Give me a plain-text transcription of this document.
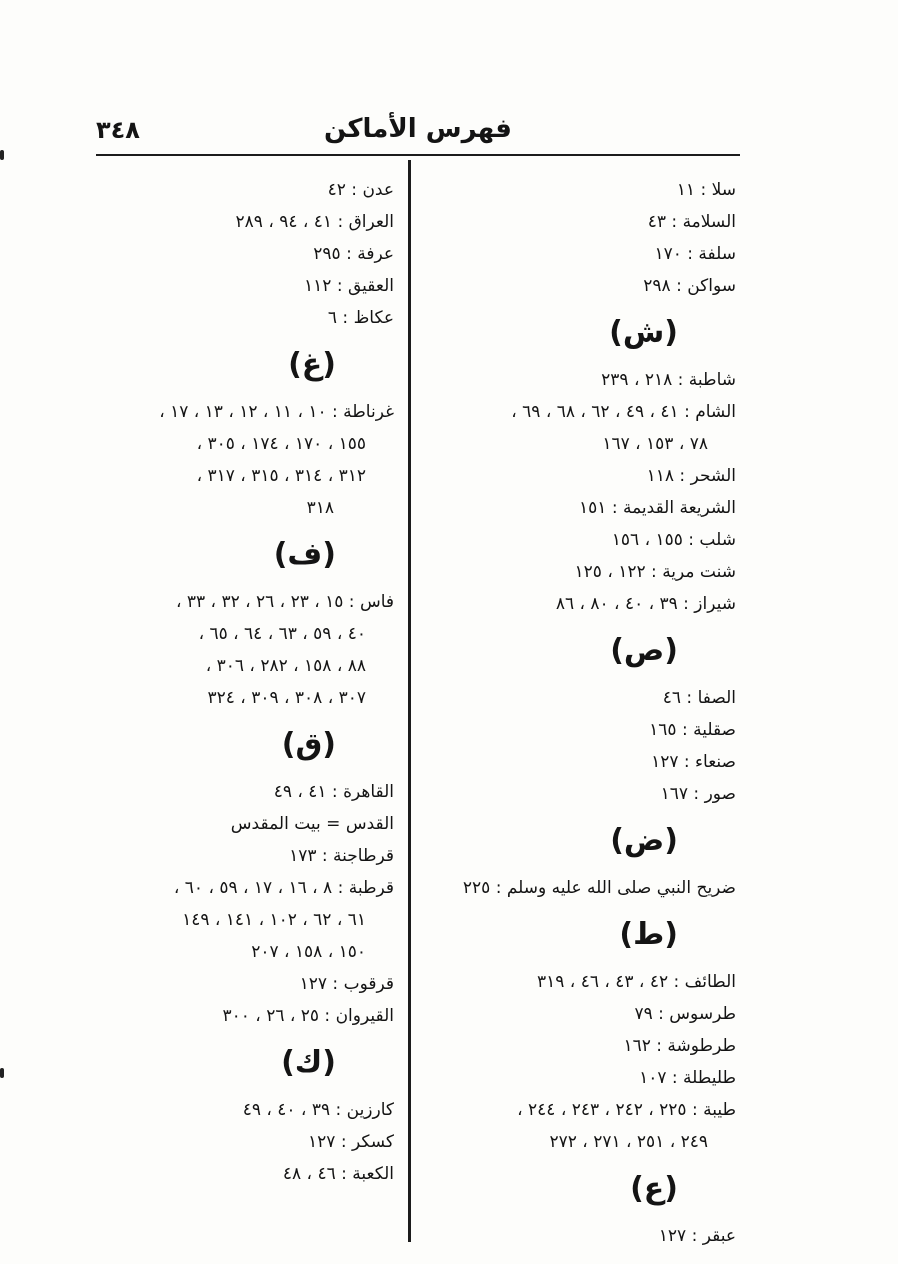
٣٤٨	فهرس الأماكن
سلا : ١١
السلامة : ٤٣
سلفة : ١٧٠
سواكن : ٢٩٨
(ش)
شاطبة : ٢١٨ ، ٢٣٩
الشام : ٤١ ، ٤٩ ، ٦٢ ، ٦٨ ، ٦٩ ،
٧٨ ، ١٥٣ ، ١٦٧
الشحر : ١١٨
الشريعة القديمة : ١٥١
شلب : ١٥٥ ، ١٥٦
شنت مرية : ١٢٢ ، ١٢٥
شيراز : ٣٩ ، ٤٠ ، ٨٠ ، ٨٦
(ص)
الصفا : ٤٦
صقلية : ١٦٥
صنعاء : ١٢٧
صور : ١٦٧
(ض)
ضريح النبي صلى الله عليه وسلم : ٢٢٥
(ط)
الطائف : ٤٢ ، ٤٣ ، ٤٦ ، ٣١٩
طرسوس : ٧٩
طرطوشة : ١٦٢
طليطلة : ١٠٧
طيبة : ٢٢٥ ، ٢٤٢ ، ٢٤٣ ، ٢٤٤ ،
٢٤٩ ، ٢٥١ ، ٢٧١ ، ٢٧٢
(ع)
عبقر : ١٢٧
عدن : ٤٢
العراق : ٤١ ، ٩٤ ، ٢٨٩
عرفة : ٢٩٥
العقيق : ١١٢
عكاظ : ٦
(غ)
غرناطة : ١٠ ، ١١ ، ١٢ ، ١٣ ، ١٧ ،
١٥٥ ، ١٧٠ ، ١٧٤ ، ٣٠٥ ،
٣١٢ ، ٣١٤ ، ٣١٥ ، ٣١٧ ،
٣١٨
(ف)
فاس : ١٥ ، ٢٣ ، ٢٦ ، ٣٢ ، ٣٣ ،
٤٠ ، ٥٩ ، ٦٣ ، ٦٤ ، ٦٥ ،
٨٨ ، ١٥٨ ، ٢٨٢ ، ٣٠٦ ،
٣٠٧ ، ٣٠٨ ، ٣٠٩ ، ٣٢٤
(ق)
القاهرة : ٤١ ، ٤٩
القدس = بيت المقدس
قرطاجنة : ١٧٣
قرطبة : ٨ ، ١٦ ، ١٧ ، ٥٩ ، ٦٠ ،
٦١ ، ٦٢ ، ١٠٢ ، ١٤١ ، ١٤٩
١٥٠ ، ١٥٨ ، ٢٠٧
قرقوب : ١٢٧
القيروان : ٢٥ ، ٢٦ ، ٣٠٠
(ك)
كارزين : ٣٩ ، ٤٠ ، ٤٩
كسكر : ١٢٧
الكعبة : ٤٦ ، ٤٨
